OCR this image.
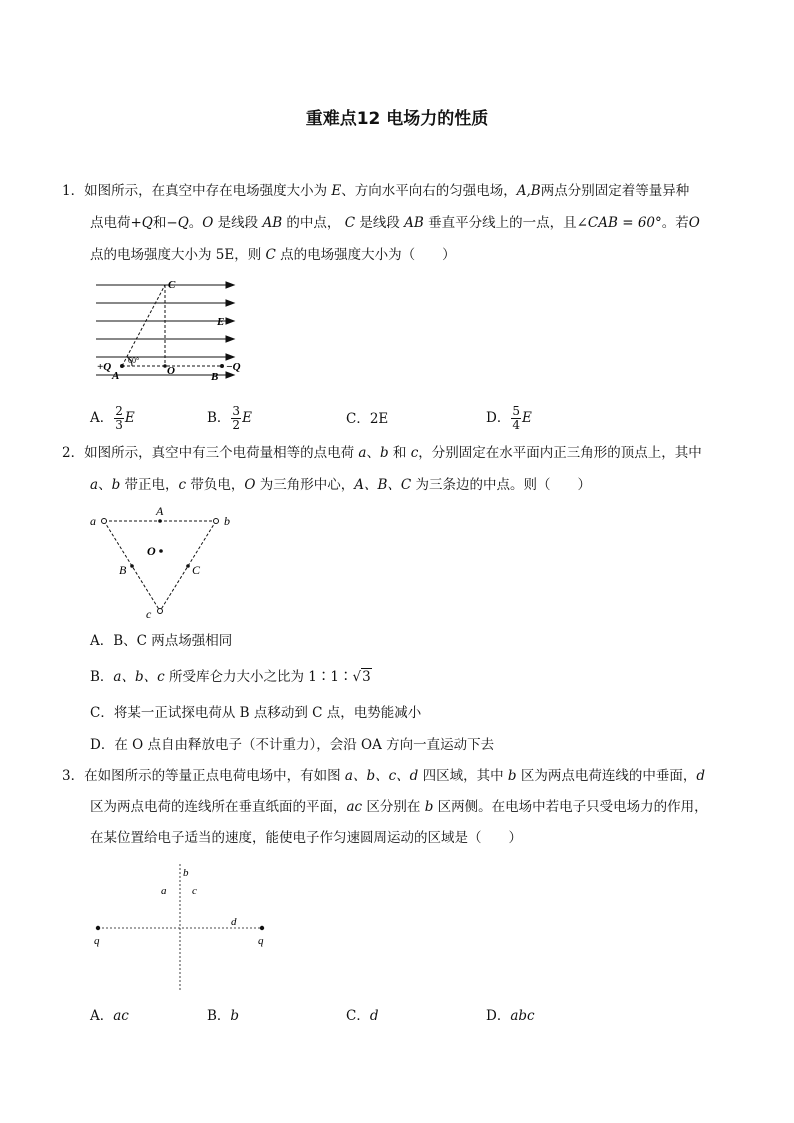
重难点12 电场力的性质
1．如图所示，在真空中存在电场强度大小为 E、方向水平向右的匀强电场，A,B两点分别固定着等量异种
点电荷+Q和−Q。O 是线段 AB 的中点， C 是线段 AB 垂直平分线上的一点，且∠CAB = 60°。若O
点的电场强度大小为 5E，则 C 点的电场强度大小为（　　）
C
E
60°
+Q	−Q
A	O	B
A． $\frac{2}{3}$ E	B． $\frac{3}{2}$ E	C．2E	D． $\frac{5}{4}$ E
2．如图所示，真空中有三个电荷量相等的点电荷 a、b 和 c，分别固定在水平面内正三角形的顶点上，其中
a、b 带正电，c 带负电，O 为三角形中心，A、B、C 为三条边的中点。则（　　）
a
A
b
O
B	C
c
A．B、C 两点场强相同
B．a、b、c 所受库仑力大小之比为 1∶1∶√3
C．将某一正试探电荷从 B 点移动到 C 点，电势能减小
D．在 O 点自由释放电子（不计重力），会沿 OA 方向一直运动下去
3．在如图所示的等量正点电荷电场中，有如图 a、b、c、d 四区域，其中 b 区为两点电荷连线的中垂面，d
区为两点电荷的连线所在垂直纸面的平面，ac 区分别在 b 区两侧。在电场中若电子只受电场力的作用，
在某位置给电子适当的速度，能使电子作匀速圆周运动的区域是（　　）
b
a c
d
q	q
A．ac	B．b	C．d	D．abc
